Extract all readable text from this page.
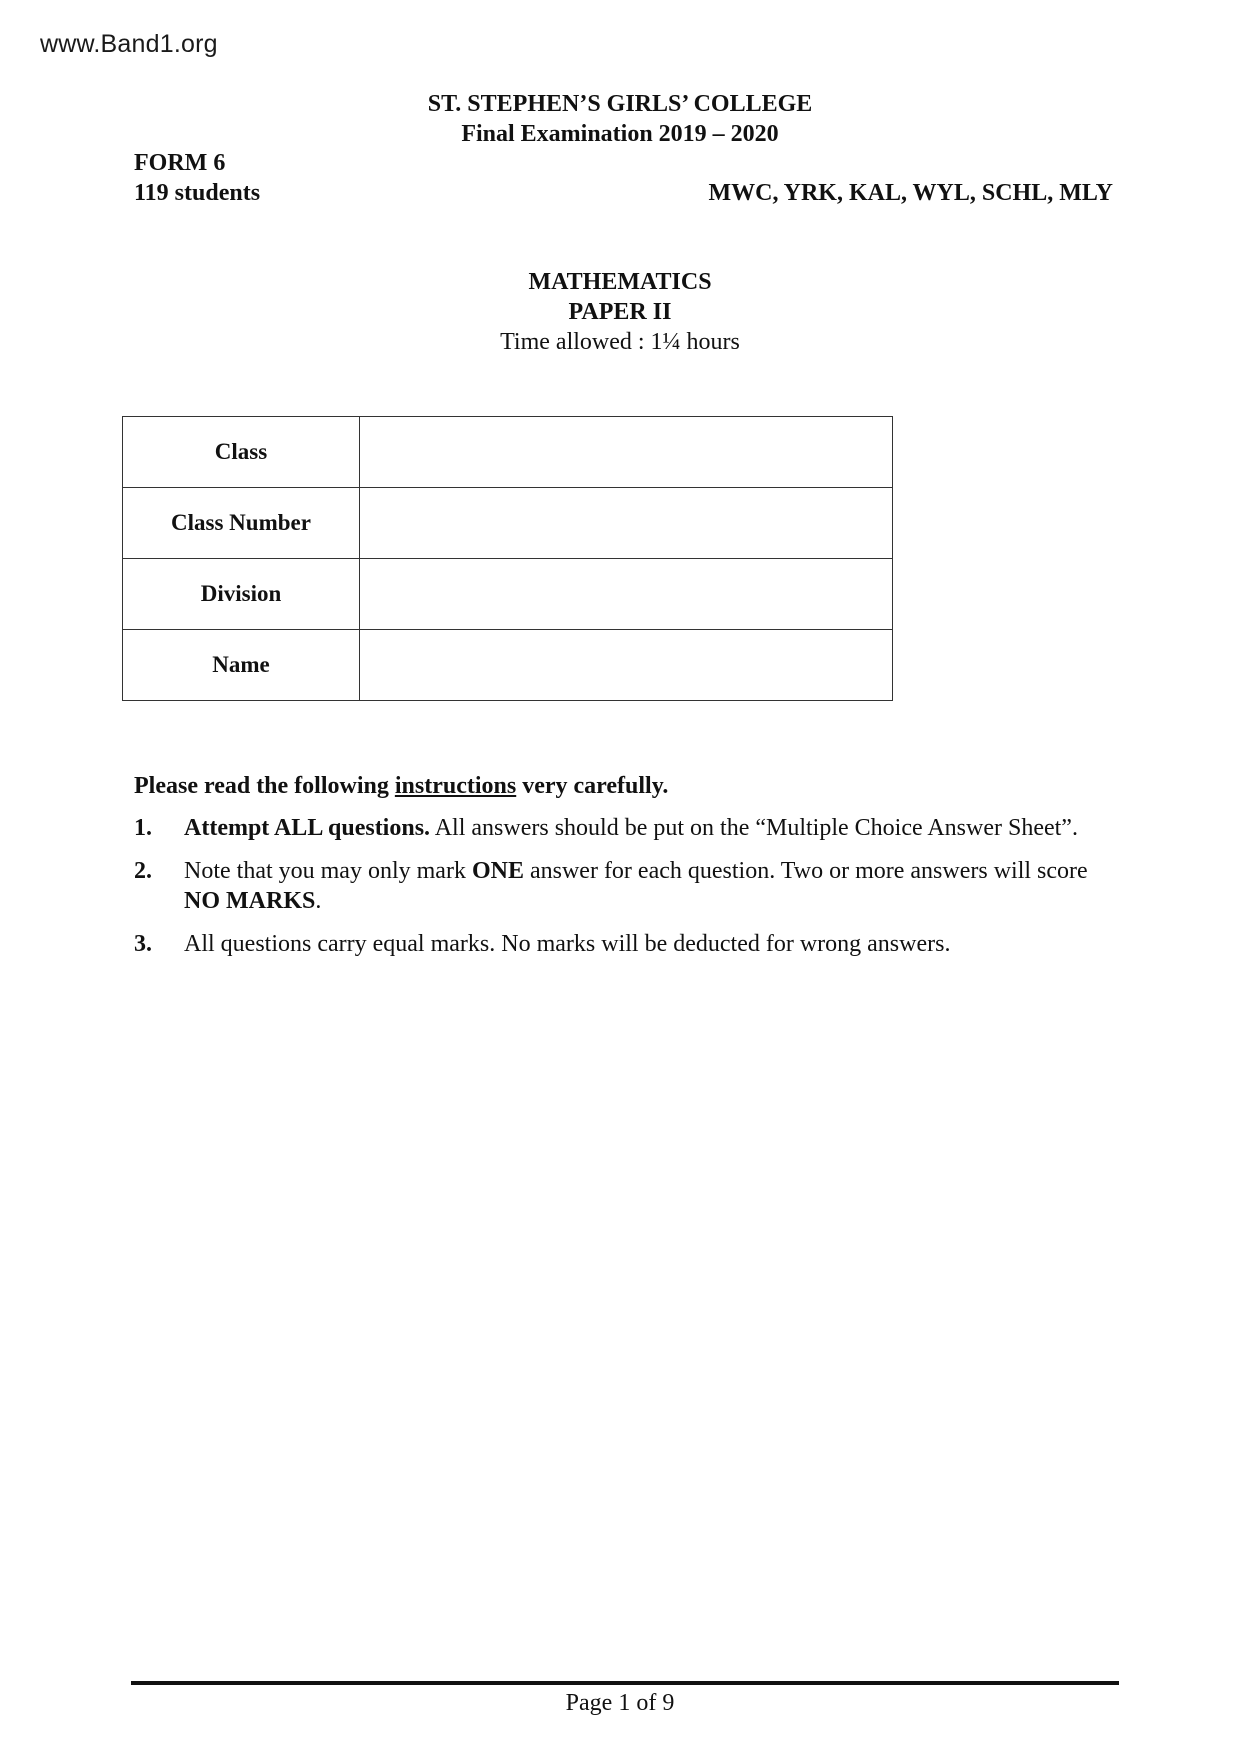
www.Band1.org
ST. STEPHEN’S GIRLS’ COLLEGE
Final Examination 2019 – 2020
FORM 6
119 students	MWC, YRK, KAL, WYL, SCHL, MLY
MATHEMATICS
PAPER II
Time allowed : 1¼ hours
Class	
Class Number	
Division	
Name	
Please read the following instructions very carefully.
1. Attempt ALL questions. All answers should be put on the “Multiple Choice Answer Sheet”.
2. Note that you may only mark ONE answer for each question. Two or more answers will score NO MARKS.
3. All questions carry equal marks. No marks will be deducted for wrong answers.
Page 1 of 9
